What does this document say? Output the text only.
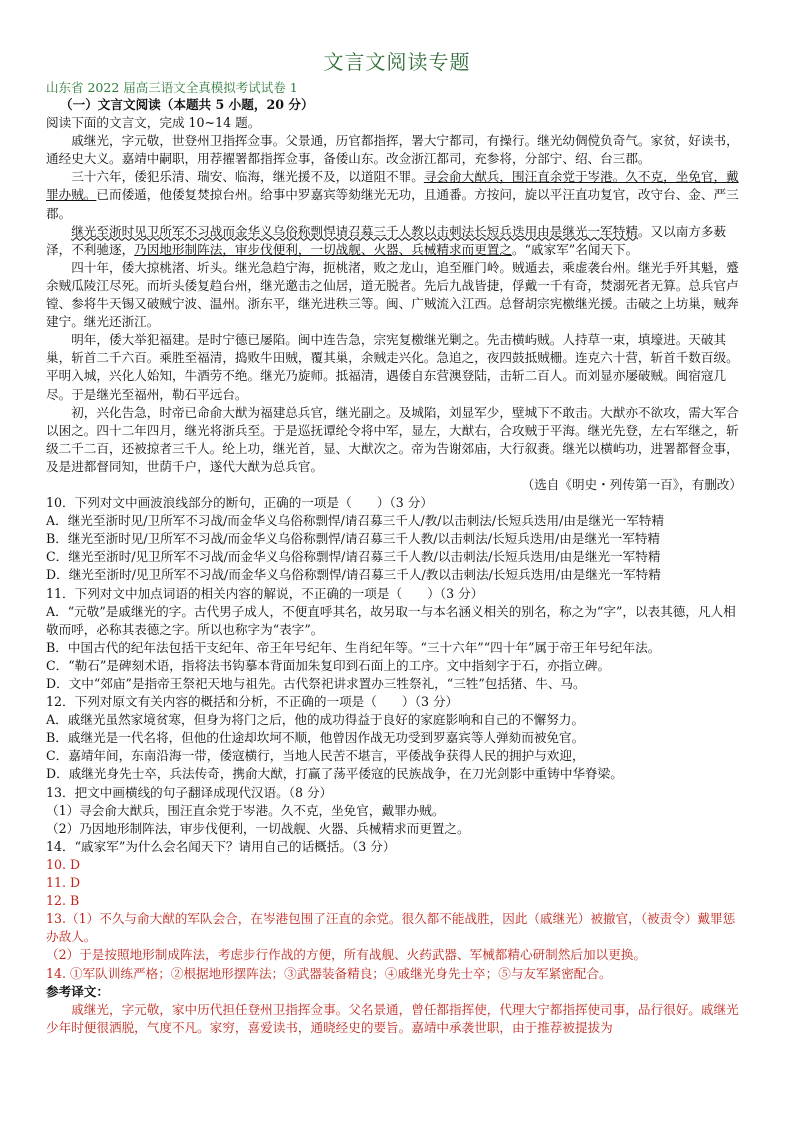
文言文阅读专题
山东省 2022 届高三语文全真模拟考试试卷 1

（一）文言文阅读（本题共 5 小题，20 分）

阅读下面的文言文，完成 10~14 题。

戚继光，字元敬，世登州卫指挥佥事。父景通，历官都指挥，署大宁都司，有操行。继光幼倜傥负奇气。家贫，好读书，通经史大义。嘉靖中嗣职，用荐擢署都指挥佥事，备倭山东。改佥浙江都司，充参将，分部宁、绍、台三郡。

三十六年，倭犯乐清、瑞安、临海，继光援不及，以道阻不罪。寻会俞大猷兵，围汪直余党于岑港。久不克，坐免官，戴罪办贼。已而倭遁，他倭复焚掠台州。给事中罗嘉宾等劾继光无功，且通番。方按问，旋以平汪直功复官，改守台、金、严三郡。

继光至浙时见卫所军不习战而金华义乌俗称剽悍请召募三千人教以击刺法长短兵迭用由是继光一军特精。又以南方多薮泽，不利驰逐，乃因地形制阵法，审步伐便利，一切战舰、火器、兵械精求而更置之。“戚家军”名闻天下。

四十年，倭大掠桃渚、圻头。继光急趋宁海，扼桃渚，败之龙山，追至雁门岭。贼遁去，乘虚袭台州。继光手歼其魁，蹙余贼瓜陵江尽死。而圻头倭复趋台州，继光邀击之仙居，道无脱者。先后九战皆捷，俘戴一千有奇，焚溺死者无算。总兵官卢镗、参将牛天锡又破贼宁波、温州。浙东平，继光进秩三等。闽、广贼流入江西。总督胡宗宪檄继光援。击破之上坊巢，贼奔建宁。继光还浙江。

明年，倭大举犯福建。是时宁德已屡陷。闽中连告急，宗宪复檄继光剿之。先击横屿贼。人持草一束，填壕进。天破其巢，斩首二千六百。乘胜至福清，捣败牛田贼，覆其巢，余贼走兴化。急追之，夜四鼓抵贼栅。连克六十营，斩首千数百级。平明入城，兴化人始知，牛酒劳不绝。继光乃旋师。抵福清，遇倭自东营澳登陆，击斩二百人。而刘显亦屡破贼。闽宿寇几尽。于是继光至福州，勒石平远台。

初，兴化告急，时帝已命俞大猷为福建总兵官，继光副之。及城陷，刘显军少，壁城下不敢击。大猷亦不欲攻，需大军合以困之。四十二年四月，继光将浙兵至。于是巡抚谭纶令将中军，显左，大猷右，合攻贼于平海。继光先登，左右军继之，斩级二千二百，还被掠者三千人。纶上功，继光首，显、大猷次之。帝为告谢郊庙，大行叙赉。继光以横屿功，进署都督佥事，及是进都督同知，世荫千户，遂代大猷为总兵官。

（选自《明史・列传第一百》，有删改）

10．下列对文中画波浪线部分的断句，正确的一项是（　　）（3 分）

A．继光至浙时见/卫所军不习战/而金华义乌俗称剽悍/请召募三千人/教/以击刺法/长短兵迭用/由是继光一军特精

B．继光至浙时见/卫所军不习战/而金华义乌俗称剽悍/请召募三千人教/以击刺法/长短兵迭用/由是继光一军特精

C．继光至浙时/见卫所军不习战/而金华义乌俗称剽悍/请召募三千人教/以击刺法/长短兵迭用/由是继光一军特精

D．继光至浙时/见卫所军不习战/而金华义乌俗称剽悍/请召募三千人/教以击刺法/长短兵迭用/由是继光一军特精

11．下列对文中加点词语的相关内容的解说，不正确的一项是（　　）（3 分）

A．“元敬”是戚继光的字。古代男子成人，不便直呼其名，故另取一与本名涵义相关的别名，称之为“字”，以表其德，凡人相敬而呼，必称其表德之字。所以也称字为“表字”。

B．中国古代的纪年法包括干支纪年、帝王年号纪年、生肖纪年等。“三十六年”“四十年”属于帝王年号纪年法。

C．“勒石”是碑刻术语，指将法书钩摹本背面加朱复印到石面上的工序。文中指刻字于石，亦指立碑。

D．文中“郊庙”是指帝王祭祀天地与祖先。古代祭祀讲求置办三牲祭礼，“三牲”包括猪、牛、马。

12．下列对原文有关内容的概括和分析，不正确的一项是（　　）（3 分）

A．戚继光虽然家境贫寒，但身为将门之后，他的成功得益于良好的家庭影响和自己的不懈努力。

B．戚继光是一代名将，但他的仕途却坎坷不顺，他曾因作战无功受到罗嘉宾等人弹劾而被免官。

C．嘉靖年间，东南沿海一带，倭寇横行，当地人民苦不堪言，平倭战争获得人民的拥护与欢迎，

D．戚继光身先士卒，兵法传奇，携俞大猷，打赢了荡平倭寇的民族战争，在刀光剑影中重铸中华脊梁。

13．把文中画横线的句子翻译成现代汉语。（8 分）

（1）寻会俞大猷兵，围汪直余党于岑港。久不克，坐免官，戴罪办贼。

（2）乃因地形制阵法，审步伐便利，一切战舰、火器、兵械精求而更置之。

14．“戚家军”为什么会名闻天下？请用自己的话概括。（3 分）

10. D

11. D

12. B

13.（1）不久与俞大猷的军队会合，在岑港包围了汪直的余党。很久都不能战胜，因此（戚继光）被撤官，（被责令）戴罪惩办敌人。

（2）于是按照地形制成阵法，考虑步行作战的方便，所有战舰、火药武器、军械都精心研制然后加以更换。

14. ①军队训练严格；②根据地形摆阵法；③武器装备精良；④戚继光身先士卒；⑤与友军紧密配合。

参考译文：

戚继光，字元敬，家中历代担任登州卫指挥佥事。父名景通，曾任都指挥使，代理大宁都指挥使司事，品行很好。戚继光少年时便很洒脱，气度不凡。家穷，喜爱读书，通晓经史的要旨。嘉靖中承袭世职，由于推荐被提拔为
